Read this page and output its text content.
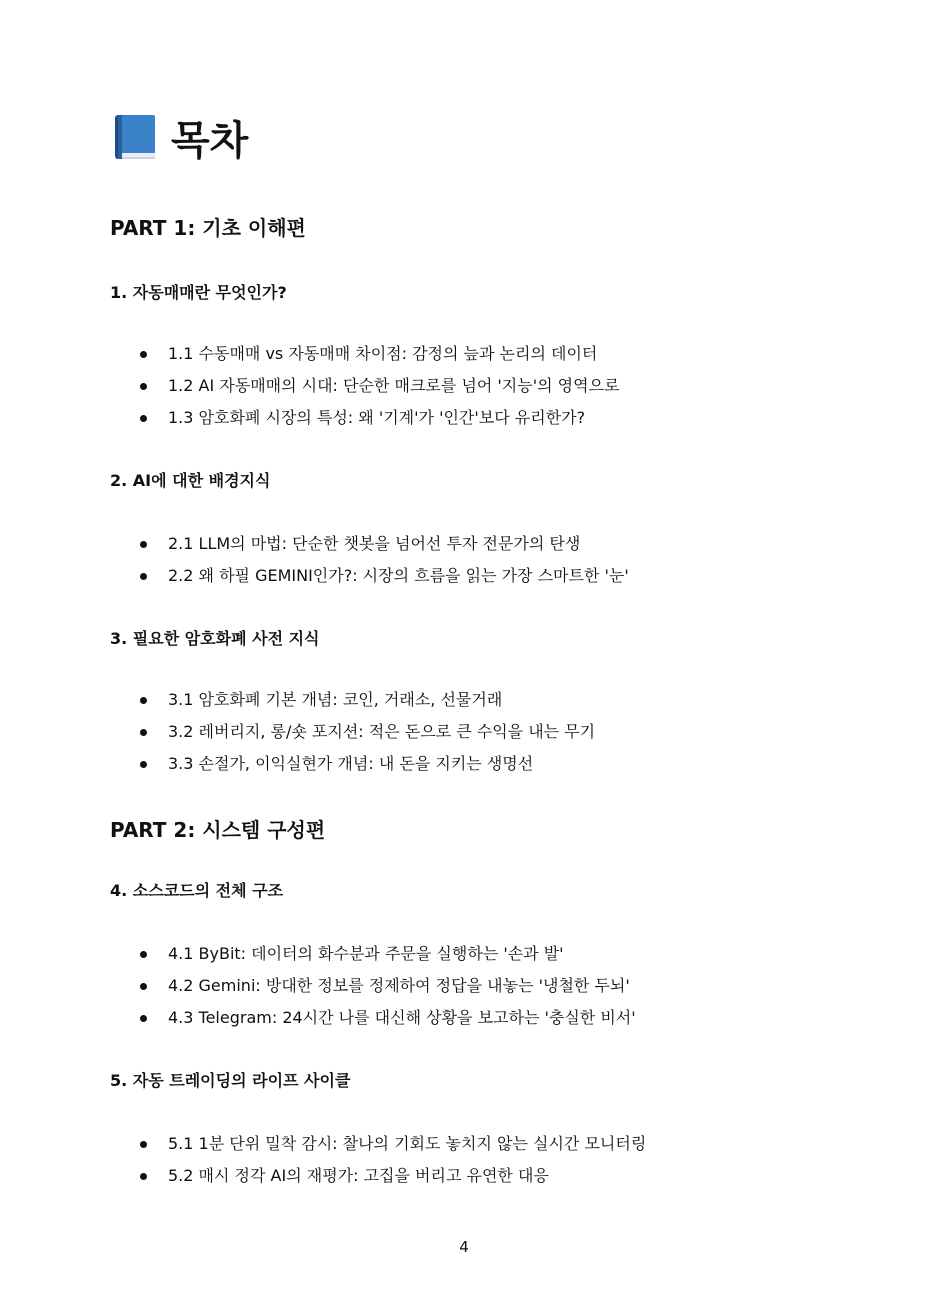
목차
PART 1: 기초 이해편
1. 자동매매란 무엇인가?
1.1 수동매매 vs 자동매매 차이점: 감정의 늪과 논리의 데이터
1.2 AI 자동매매의 시대: 단순한 매크로를 넘어 '지능'의 영역으로
1.3 암호화폐 시장의 특성: 왜 '기계'가 '인간'보다 유리한가?
2. AI에 대한 배경지식
2.1 LLM의 마법: 단순한 챗봇을 넘어선 투자 전문가의 탄생
2.2 왜 하필 GEMINI인가?: 시장의 흐름을 읽는 가장 스마트한 '눈'
3. 필요한 암호화폐 사전 지식
3.1 암호화폐 기본 개념: 코인, 거래소, 선물거래
3.2 레버리지, 롱/숏 포지션: 적은 돈으로 큰 수익을 내는 무기
3.3 손절가, 이익실현가 개념: 내 돈을 지키는 생명선
PART 2: 시스템 구성편
4. 소스코드의 전체 구조
4.1 ByBit: 데이터의 화수분과 주문을 실행하는 '손과 발'
4.2 Gemini: 방대한 정보를 정제하여 정답을 내놓는 '냉철한 두뇌'
4.3 Telegram: 24시간 나를 대신해 상황을 보고하는 '충실한 비서'
5. 자동 트레이딩의 라이프 사이클
5.1 1분 단위 밀착 감시: 찰나의 기회도 놓치지 않는 실시간 모니터링
5.2 매시 정각 AI의 재평가: 고집을 버리고 유연한 대응
4
